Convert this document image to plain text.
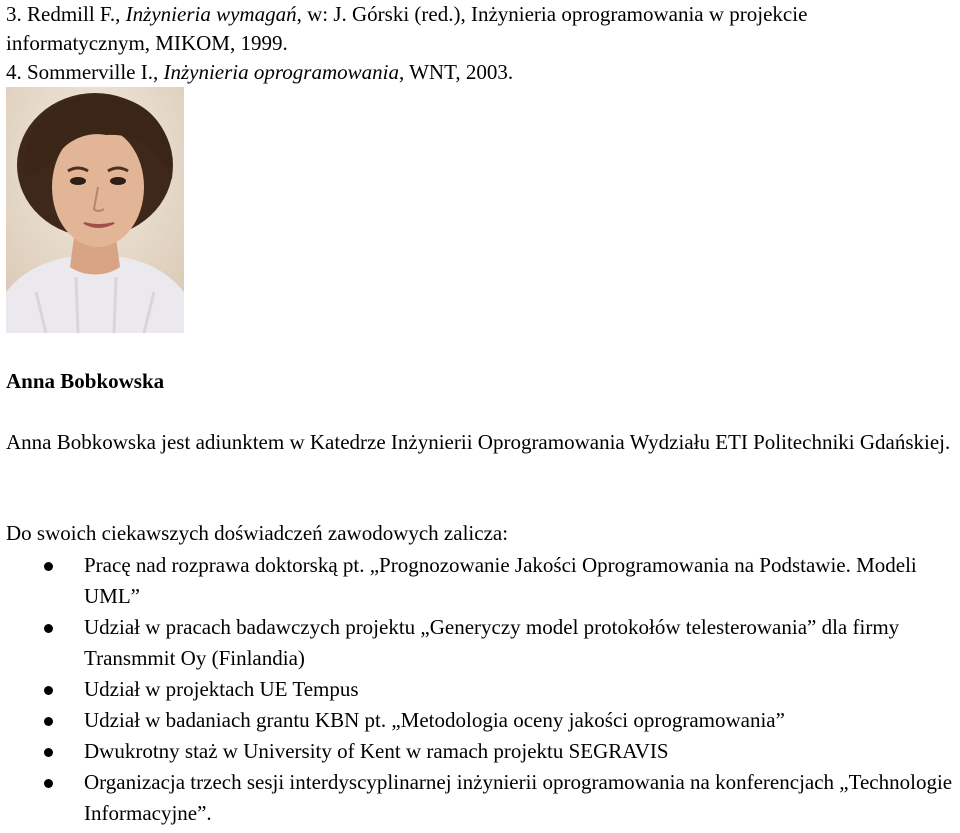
3. Redmill F., Inżynieria wymagań, w: J. Górski (red.), Inżynieria oprogramowania w projekcie informatycznym, MIKOM, 1999.
4. Sommerville I., Inżynieria oprogramowania, WNT, 2003.
Anna Bobkowska
Anna Bobkowska jest adiunktem w Katedrze Inżynierii Oprogramowania Wydziału ETI Politechniki Gdańskiej.
Do swoich ciekawszych doświadczeń zawodowych zalicza:
Pracę nad rozprawa doktorską pt. „Prognozowanie Jakości Oprogramowania na Podstawie. Modeli UML”
Udział w pracach badawczych projektu „Generyczy model protokołów telesterowania” dla firmy Transmmit Oy (Finlandia)
Udział w projektach UE Tempus
Udział w badaniach grantu KBN pt. „Metodologia oceny jakości oprogramowania”
Dwukrotny staż w University of Kent w ramach projektu SEGRAVIS
Organizacja trzech sesji interdyscyplinarnej inżynierii oprogramowania na konferencjach „Technologie Informacyjne”.
